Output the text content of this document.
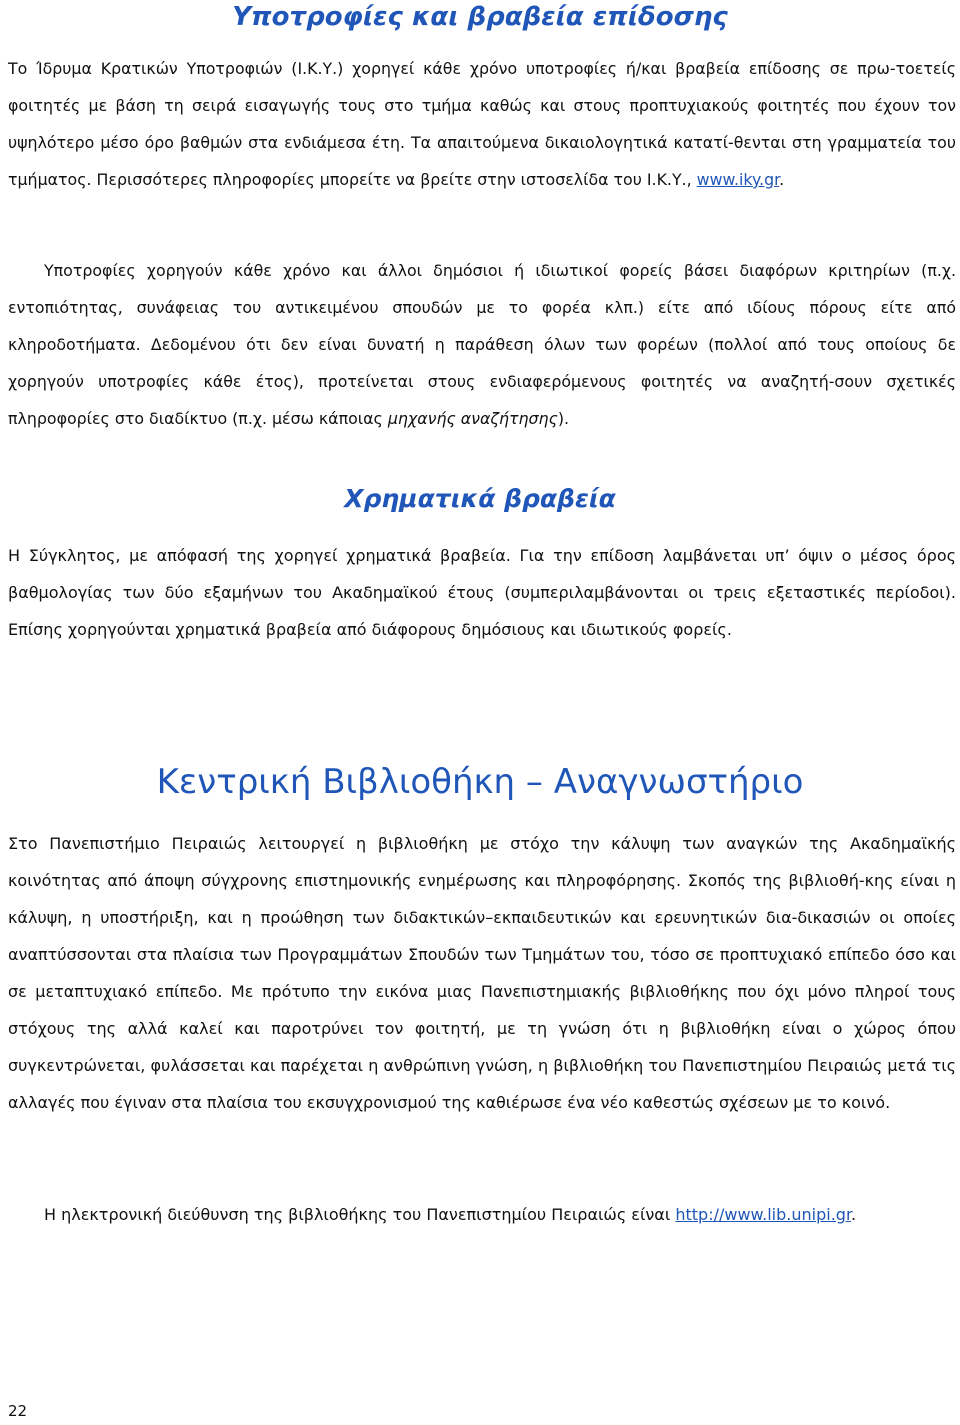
Υποτροφίες και βραβεία επίδοσης
Το Ίδρυμα Κρατικών Υποτροφιών (Ι.Κ.Υ.) χορηγεί κάθε χρόνο υποτροφίες ή/και βραβεία επίδοσης σε πρω-τοετείς φοιτητές με βάση τη σειρά εισαγωγής τους στο τμήμα καθώς και στους προπτυχιακούς φοιτητές που έχουν τον υψηλότερο μέσο όρο βαθμών στα ενδιάμεσα έτη. Τα απαιτούμενα δικαιολογητικά κατατί-θενται στη γραμματεία του τμήματος. Περισσότερες πληροφορίες μπορείτε να βρείτε στην ιστοσελίδα του Ι.Κ.Υ., www.iky.gr.
Υποτροφίες χορηγούν κάθε χρόνο και άλλοι δημόσιοι ή ιδιωτικοί φορείς βάσει διαφόρων κριτηρίων (π.χ. εντοπιότητας, συνάφειας του αντικειμένου σπουδών με το φορέα κλπ.) είτε από ιδίους πόρους είτε από κληροδοτήματα. Δεδομένου ότι δεν είναι δυνατή η παράθεση όλων των φορέων (πολλοί από τους οποίους δε χορηγούν υποτροφίες κάθε έτος), προτείνεται στους ενδιαφερόμενους φοιτητές να αναζητή-σουν σχετικές πληροφορίες στο διαδίκτυο (π.χ. μέσω κάποιας μηχανής αναζήτησης).
Χρηματικά βραβεία
Η Σύγκλητος, με απόφασή της χορηγεί χρηματικά βραβεία. Για την επίδοση λαμβάνεται υπ’ όψιν ο μέσος όρος βαθμολογίας των δύο εξαμήνων του Ακαδημαϊκού έτους (συμπεριλαμβάνονται οι τρεις εξεταστικές περίοδοι). Επίσης χορηγούνται χρηματικά βραβεία από διάφορους δημόσιους και ιδιωτικούς φορείς.
Κεντρική Βιβλιοθήκη – Αναγνωστήριο
Στο Πανεπιστήμιο Πειραιώς λειτουργεί η βιβλιοθήκη με στόχο την κάλυψη των αναγκών της Ακαδημαϊκής κοινότητας από άποψη σύγχρονης επιστημονικής ενημέρωσης και πληροφόρησης. Σκοπός της βιβλιοθή-κης είναι η κάλυψη, η υποστήριξη, και η προώθηση των διδακτικών–εκπαιδευτικών και ερευνητικών δια-δικασιών οι οποίες αναπτύσσονται στα πλαίσια των Προγραμμάτων Σπουδών των Τμημάτων του, τόσο σε προπτυχιακό επίπεδο όσο και σε μεταπτυχιακό επίπεδο. Με πρότυπο την εικόνα μιας Πανεπιστημιακής βιβλιοθήκης που όχι μόνο πληροί τους στόχους της αλλά καλεί και παροτρύνει τον φοιτητή, με τη γνώση ότι η βιβλιοθήκη είναι ο χώρος όπου συγκεντρώνεται, φυλάσσεται και παρέχεται η ανθρώπινη γνώση, η βιβλιοθήκη του Πανεπιστημίου Πειραιώς μετά τις αλλαγές που έγιναν στα πλαίσια του εκσυγχρονισμού της καθιέρωσε ένα νέο καθεστώς σχέσεων με το κοινό.
Η ηλεκτρονική διεύθυνση της βιβλιοθήκης του Πανεπιστημίου Πειραιώς είναι http://www.lib.unipi.gr.
22
